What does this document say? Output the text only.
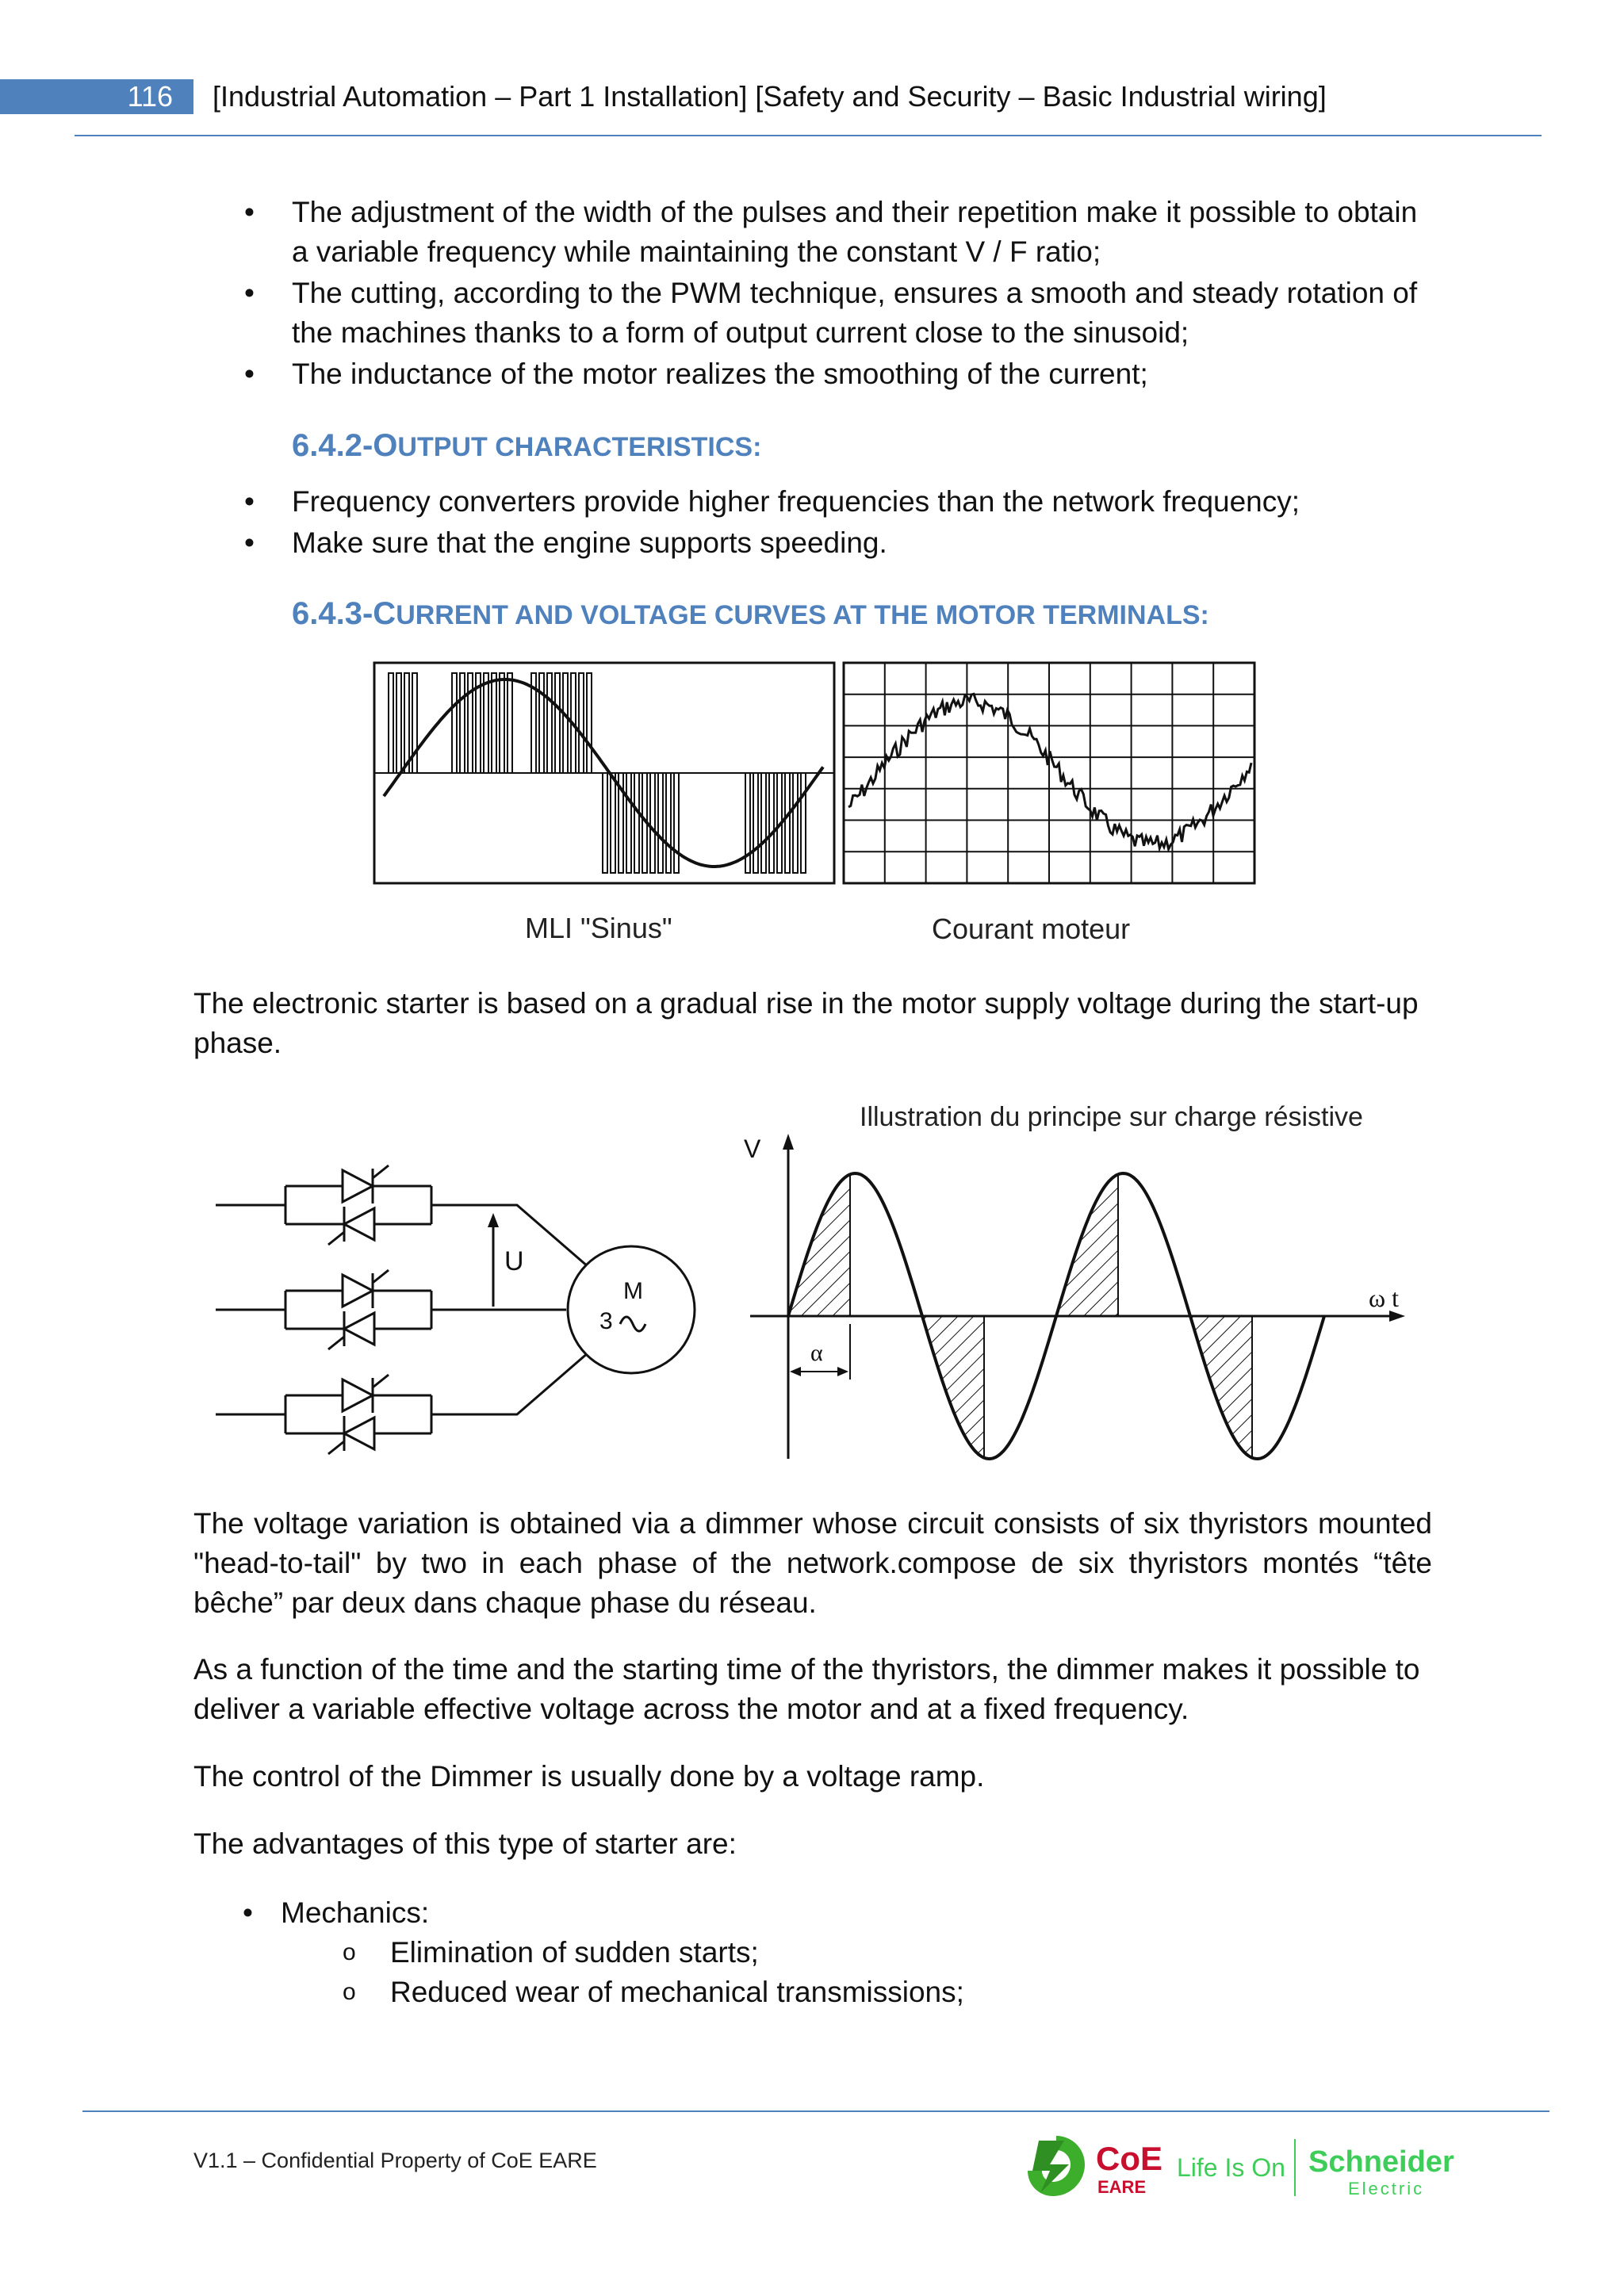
116	[Industrial Automation – Part 1 Installation] [Safety and Security – Basic Industrial wiring]
• The adjustment of the width of the pulses and their repetition make it possible to obtain a variable frequency while maintaining the constant V / F ratio;
• The cutting, according to the PWM technique, ensures a smooth and steady rotation of the machines thanks to a form of output current close to the sinusoid;
• The inductance of the motor realizes the smoothing of the current;
6.4.2-OUTPUT CHARACTERISTICS:
• Frequency converters provide higher frequencies than the network frequency;
• Make sure that the engine supports speeding.
6.4.3-CURRENT AND VOLTAGE CURVES AT THE MOTOR TERMINALS:
MLI "Sinus"	Courant moteur

The electronic starter is based on a gradual rise in the motor supply voltage during the start-up phase.

U
M
3
V
ω t
Illustration du principe sur charge résistive
α

The voltage variation is obtained via a dimmer whose circuit consists of six thyristors mounted "head-to-tail" by two in each phase of the network.compose de six thyristors montés “tête bêche” par deux dans chaque phase du réseau.

As a function of the time and the starting time of the thyristors, the dimmer makes it possible to deliver a variable effective voltage across the motor and at a fixed frequency.

The control of the Dimmer is usually done by a voltage ramp.

The advantages of this type of starter are:

• Mechanics:
o Elimination of sudden starts;
o Reduced wear of mechanical transmissions;
V1.1 – Confidential Property of CoE EARE	CoE
EARE
Life Is On Schneider
Electric
